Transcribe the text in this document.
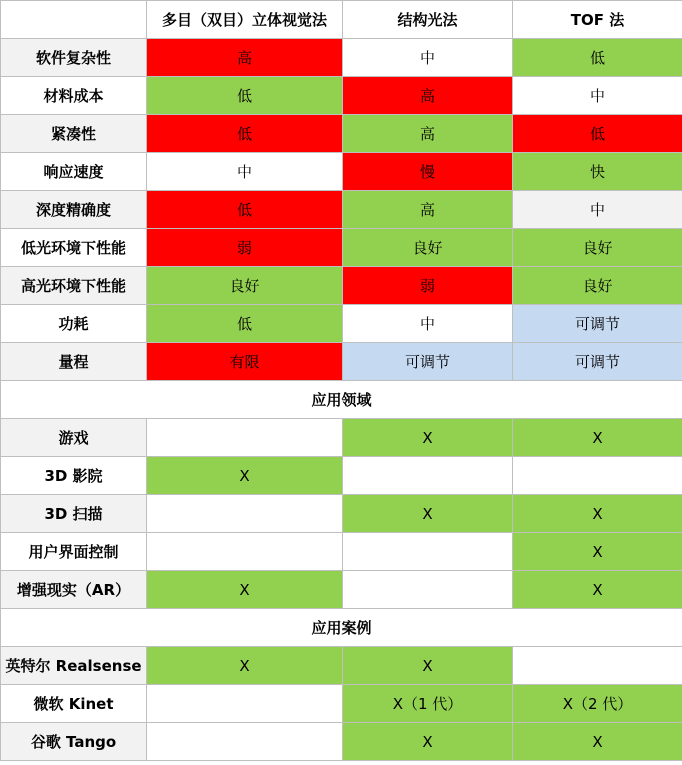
	多目（双目）立体视觉法	结构光法	TOF 法
软件复杂性	高	中	低
材料成本	低	高	中
紧凑性	低	高	低
响应速度	中	慢	快
深度精确度	低	高	中
低光环境下性能	弱	良好	良好
高光环境下性能	良好	弱	良好
功耗	低	中	可调节
量程	有限	可调节	可调节
应用领域			
游戏		X	X
3D 影院	X		
3D 扫描		X	X
用户界面控制			X
增强现实（AR）	X		X
应用案例			
英特尔 Realsense	X	X	
微软 Kinet		X（1 代）	X（2 代）
谷歌 Tango		X	X
